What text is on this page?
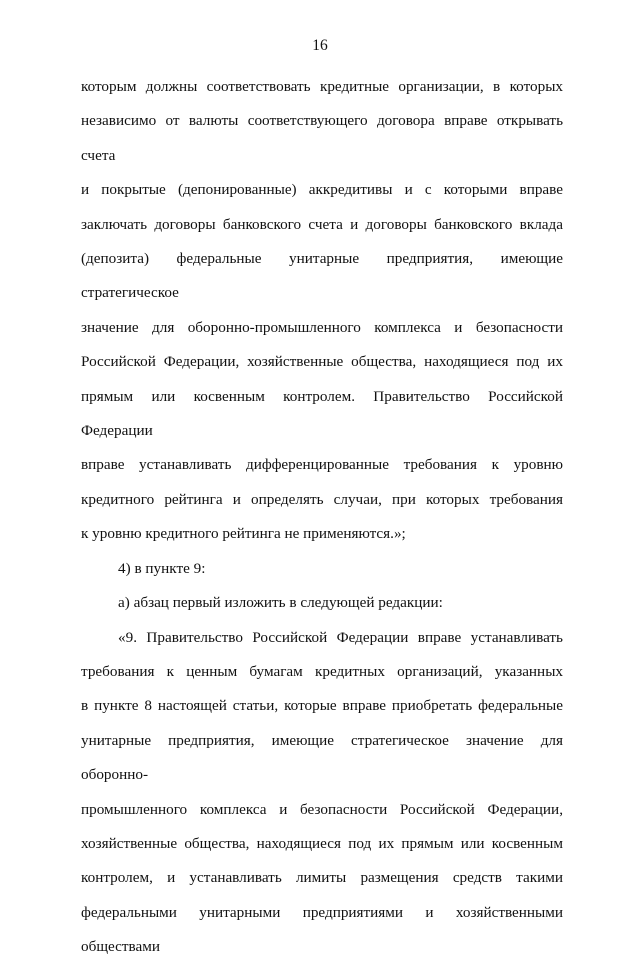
16
которым должны соответствовать кредитные организации, в которых
независимо от валюты соответствующего договора вправе открывать счета
и покрытые (депонированные) аккредитивы и с которыми вправе
заключать договоры банковского счета и договоры банковского вклада
(депозита) федеральные унитарные предприятия, имеющие стратегическое
значение для оборонно-промышленного комплекса и безопасности
Российской Федерации, хозяйственные общества, находящиеся под их
прямым или косвенным контролем. Правительство Российской Федерации
вправе устанавливать дифференцированные требования к уровню
кредитного рейтинга и определять случаи, при которых требования
к уровню кредитного рейтинга не применяются.»;
4) в пункте 9:
а) абзац первый изложить в следующей редакции:
«9. Правительство Российской Федерации вправе устанавливать
требования к ценным бумагам кредитных организаций, указанных
в пункте 8 настоящей статьи, которые вправе приобретать федеральные
унитарные предприятия, имеющие стратегическое значение для оборонно-
промышленного комплекса и безопасности Российской Федерации,
хозяйственные общества, находящиеся под их прямым или косвенным
контролем, и устанавливать лимиты размещения средств такими
федеральными унитарными предприятиями и хозяйственными обществами
